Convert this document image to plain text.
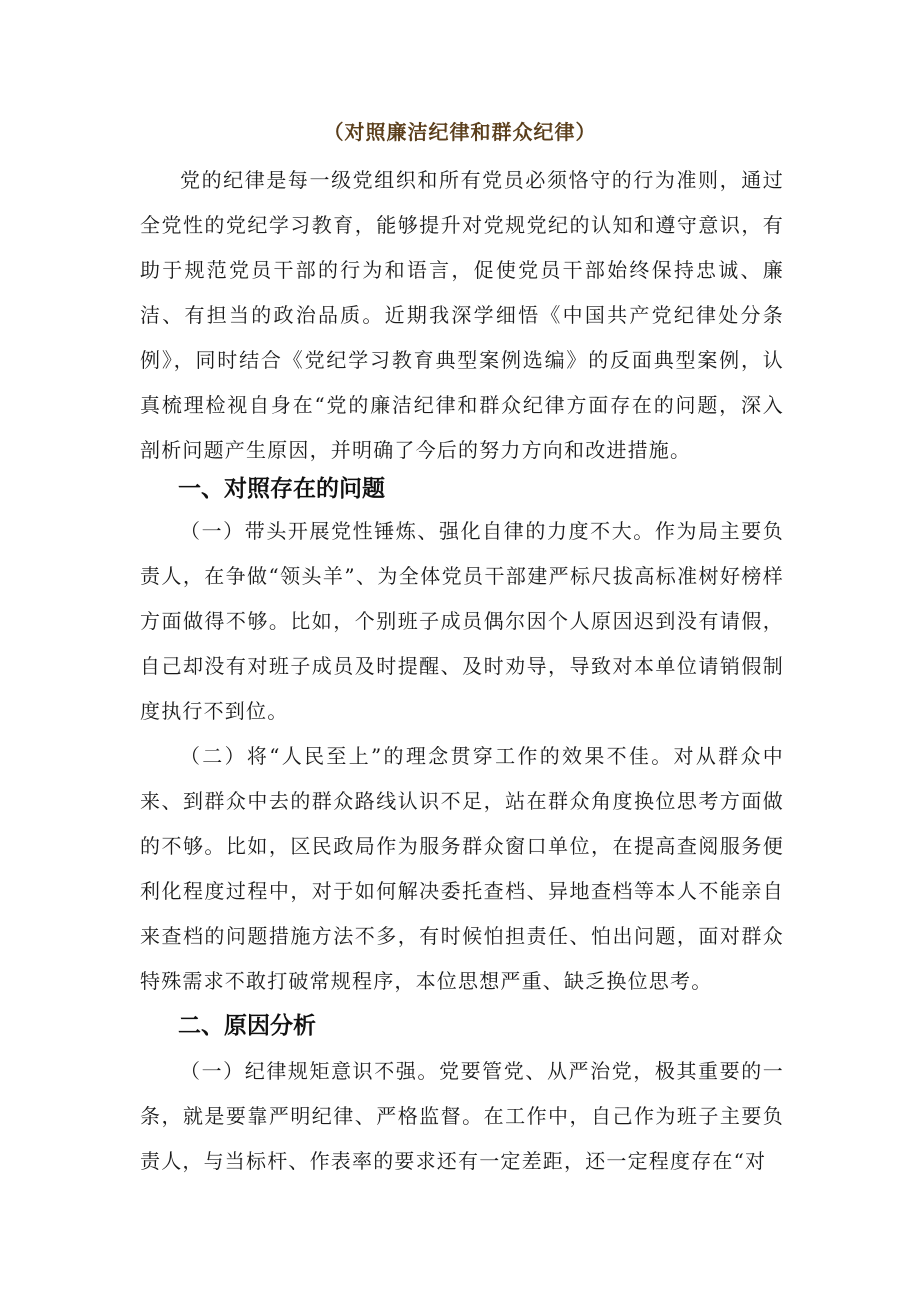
（对照廉洁纪律和群众纪律）

党的纪律是每一级党组织和所有党员必须恪守的行为准则，通过全党性的党纪学习教育，能够提升对党规党纪的认知和遵守意识，有助于规范党员干部的行为和语言，促使党员干部始终保持忠诚、廉洁、有担当的政治品质。近期我深学细悟《中国共产党纪律处分条例》，同时结合《党纪学习教育典型案例选编》的反面典型案例，认真梳理检视自身在“党的廉洁纪律和群众纪律方面存在的问题，深入剖析问题产生原因，并明确了今后的努力方向和改进措施。

一、对照存在的问题

（一）带头开展党性锤炼、强化自律的力度不大。作为局主要负责人，在争做“领头羊”、为全体党员干部建严标尺拔高标准树好榜样方面做得不够。比如，个别班子成员偶尔因个人原因迟到没有请假，自己却没有对班子成员及时提醒、及时劝导，导致对本单位请销假制度执行不到位。

（二）将“人民至上”的理念贯穿工作的效果不佳。对从群众中来、到群众中去的群众路线认识不足，站在群众角度换位思考方面做的不够。比如，区民政局作为服务群众窗口单位，在提高查阅服务便利化程度过程中，对于如何解决委托查档、异地查档等本人不能亲自来查档的问题措施方法不多，有时候怕担责任、怕出问题，面对群众特殊需求不敢打破常规程序，本位思想严重、缺乏换位思考。

二、原因分析

（一）纪律规矩意识不强。党要管党、从严治党，极其重要的一条，就是要靠严明纪律、严格监督。在工作中，自己作为班子主要负责人，与当标杆、作表率的要求还有一定差距，还一定程度存在“对
